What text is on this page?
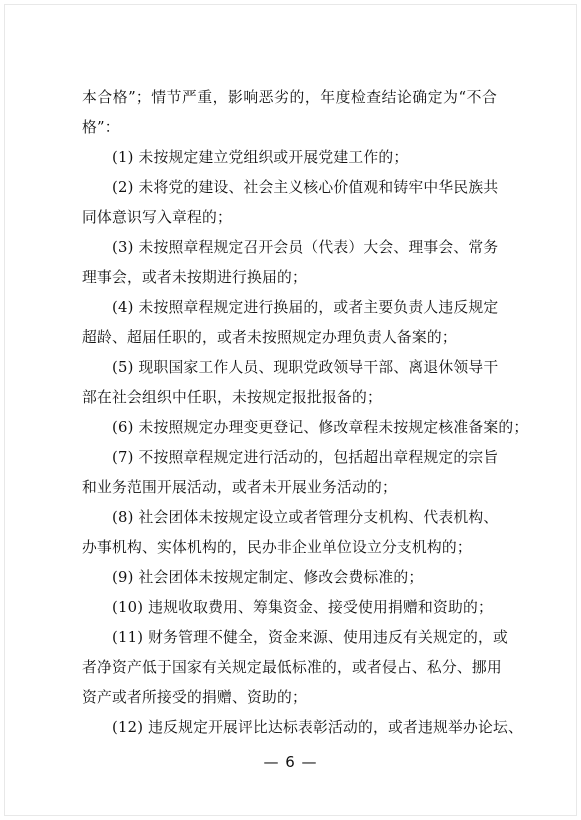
本合格”；情节严重，影响恶劣的，年度检查结论确定为“不合
格”：
(1) 未按规定建立党组织或开展党建工作的；
(2) 未将党的建设、社会主义核心价值观和铸牢中华民族共
同体意识写入章程的；
(3) 未按照章程规定召开会员（代表）大会、理事会、常务
理事会，或者未按期进行换届的；
(4) 未按照章程规定进行换届的，或者主要负责人违反规定
超龄、超届任职的，或者未按照规定办理负责人备案的；
(5) 现职国家工作人员、现职党政领导干部、离退休领导干
部在社会组织中任职，未按规定报批报备的；
(6) 未按照规定办理变更登记、修改章程未按规定核准备案的；
(7) 不按照章程规定进行活动的，包括超出章程规定的宗旨
和业务范围开展活动，或者未开展业务活动的；
(8) 社会团体未按规定设立或者管理分支机构、代表机构、
办事机构、实体机构的，民办非企业单位设立分支机构的；
(9) 社会团体未按规定制定、修改会费标准的；
(10) 违规收取费用、筹集资金、接受使用捐赠和资助的；
(11) 财务管理不健全，资金来源、使用违反有关规定的，或
者净资产低于国家有关规定最低标准的，或者侵占、私分、挪用
资产或者所接受的捐赠、资助的；
(12) 违反规定开展评比达标表彰活动的，或者违规举办论坛、
— 6 —
